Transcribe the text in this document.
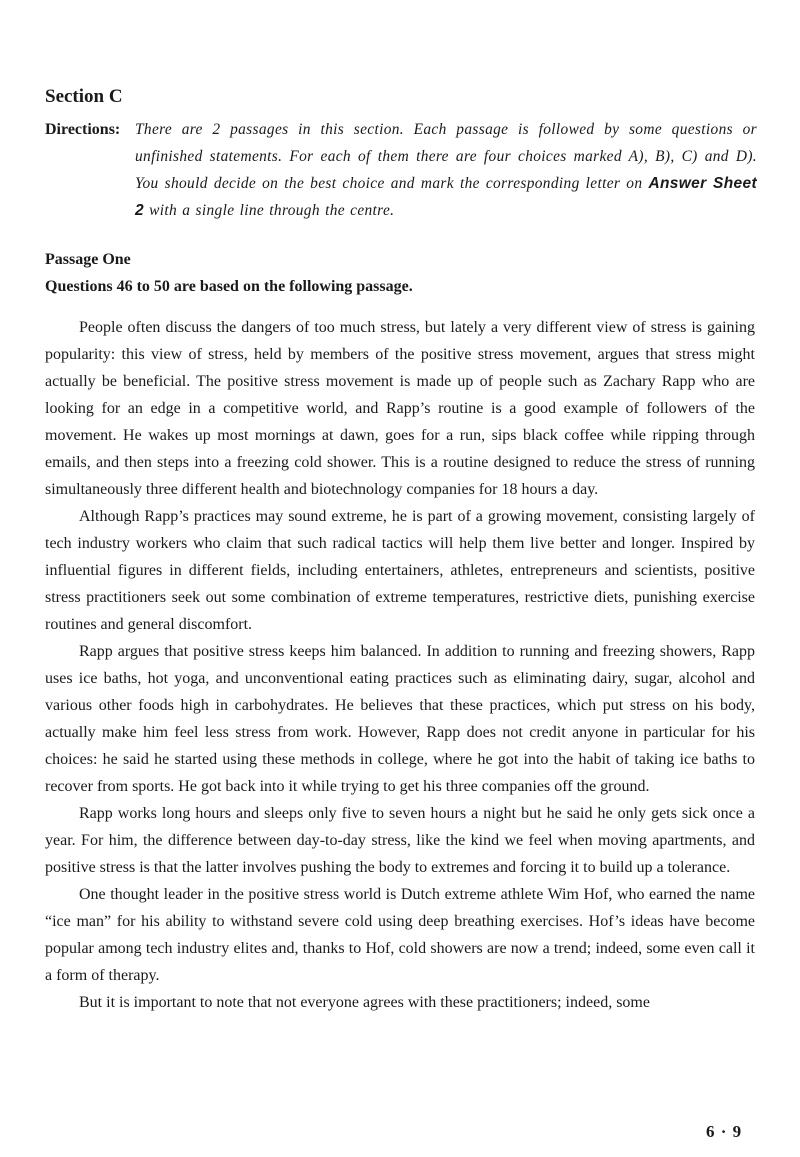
Section C
Directions: There are 2 passages in this section. Each passage is followed by some questions or unfinished statements. For each of them there are four choices marked A), B), C) and D). You should decide on the best choice and mark the corresponding letter on Answer Sheet 2 with a single line through the centre.
Passage One
Questions 46 to 50 are based on the following passage.

People often discuss the dangers of too much stress, but lately a very different view of stress is gaining popularity: this view of stress, held by members of the positive stress movement, argues that stress might actually be beneficial. The positive stress movement is made up of people such as Zachary Rapp who are looking for an edge in a competitive world, and Rapp’s routine is a good example of followers of the movement. He wakes up most mornings at dawn, goes for a run, sips black coffee while ripping through emails, and then steps into a freezing cold shower. This is a routine designed to reduce the stress of running simultaneously three different health and biotechnology companies for 18 hours a day.

Although Rapp’s practices may sound extreme, he is part of a growing movement, consisting largely of tech industry workers who claim that such radical tactics will help them live better and longer. Inspired by influential figures in different fields, including entertainers, athletes, entrepreneurs and scientists, positive stress practitioners seek out some combination of extreme temperatures, restrictive diets, punishing exercise routines and general discomfort.

Rapp argues that positive stress keeps him balanced. In addition to running and freezing showers, Rapp uses ice baths, hot yoga, and unconventional eating practices such as eliminating dairy, sugar, alcohol and various other foods high in carbohydrates. He believes that these practices, which put stress on his body, actually make him feel less stress from work. However, Rapp does not credit anyone in particular for his choices: he said he started using these methods in college, where he got into the habit of taking ice baths to recover from sports. He got back into it while trying to get his three companies off the ground.

Rapp works long hours and sleeps only five to seven hours a night but he said he only gets sick once a year. For him, the difference between day-to-day stress, like the kind we feel when moving apartments, and positive stress is that the latter involves pushing the body to extremes and forcing it to build up a tolerance.

One thought leader in the positive stress world is Dutch extreme athlete Wim Hof, who earned the name “ice man” for his ability to withstand severe cold using deep breathing exercises. Hof’s ideas have become popular among tech industry elites and, thanks to Hof, cold showers are now a trend; indeed, some even call it a form of therapy.

But it is important to note that not everyone agrees with these practitioners; indeed, some

6 · 9
